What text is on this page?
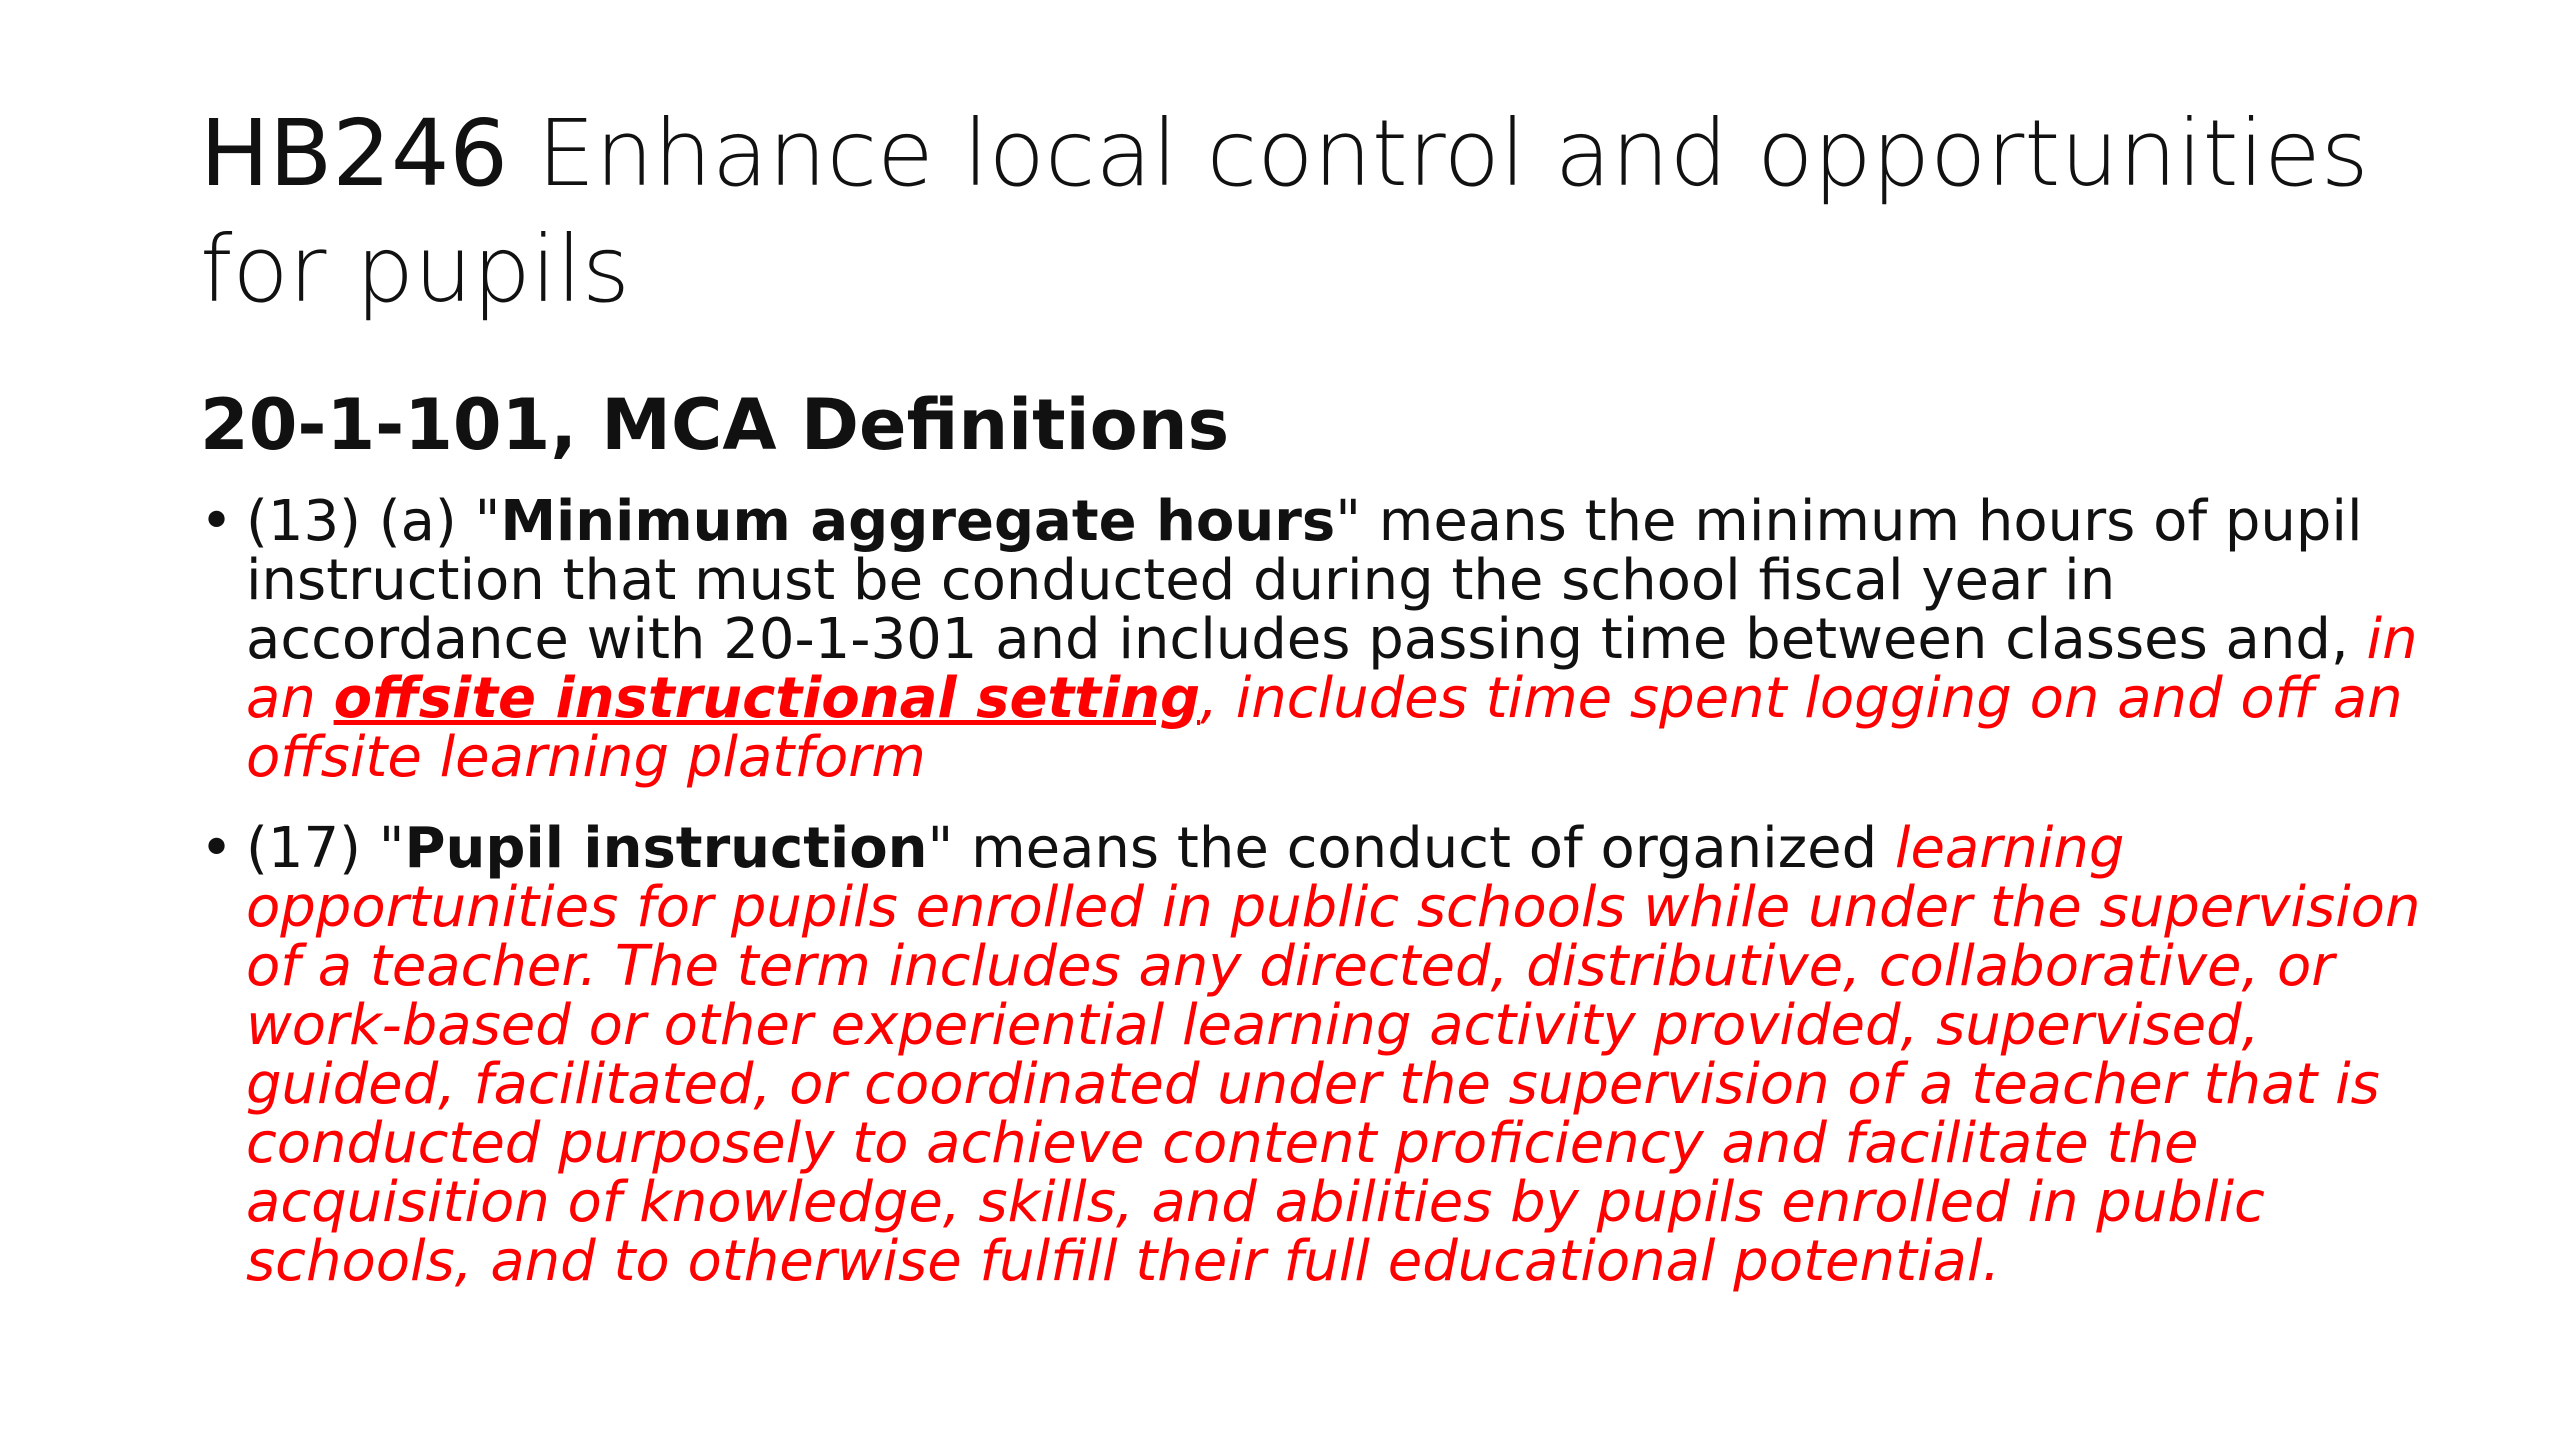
HB246 Enhance local control and opportunities for pupils
20-1-101, MCA Definitions
• (13) (a) "Minimum aggregate hours" means the minimum hours of pupil instruction that must be conducted during the school fiscal year in accordance with 20-1-301 and includes passing time between classes and, in an offsite instructional setting, includes time spent logging on and off an offsite learning platform
• (17) "Pupil instruction" means the conduct of organized learning opportunities for pupils enrolled in public schools while under the supervision of a teacher. The term includes any directed, distributive, collaborative, or work-based or other experiential learning activity provided, supervised, guided, facilitated, or coordinated under the supervision of a teacher that is conducted purposely to achieve content proficiency and facilitate the acquisition of knowledge, skills, and abilities by pupils enrolled in public schools, and to otherwise fulfill their full educational potential.
